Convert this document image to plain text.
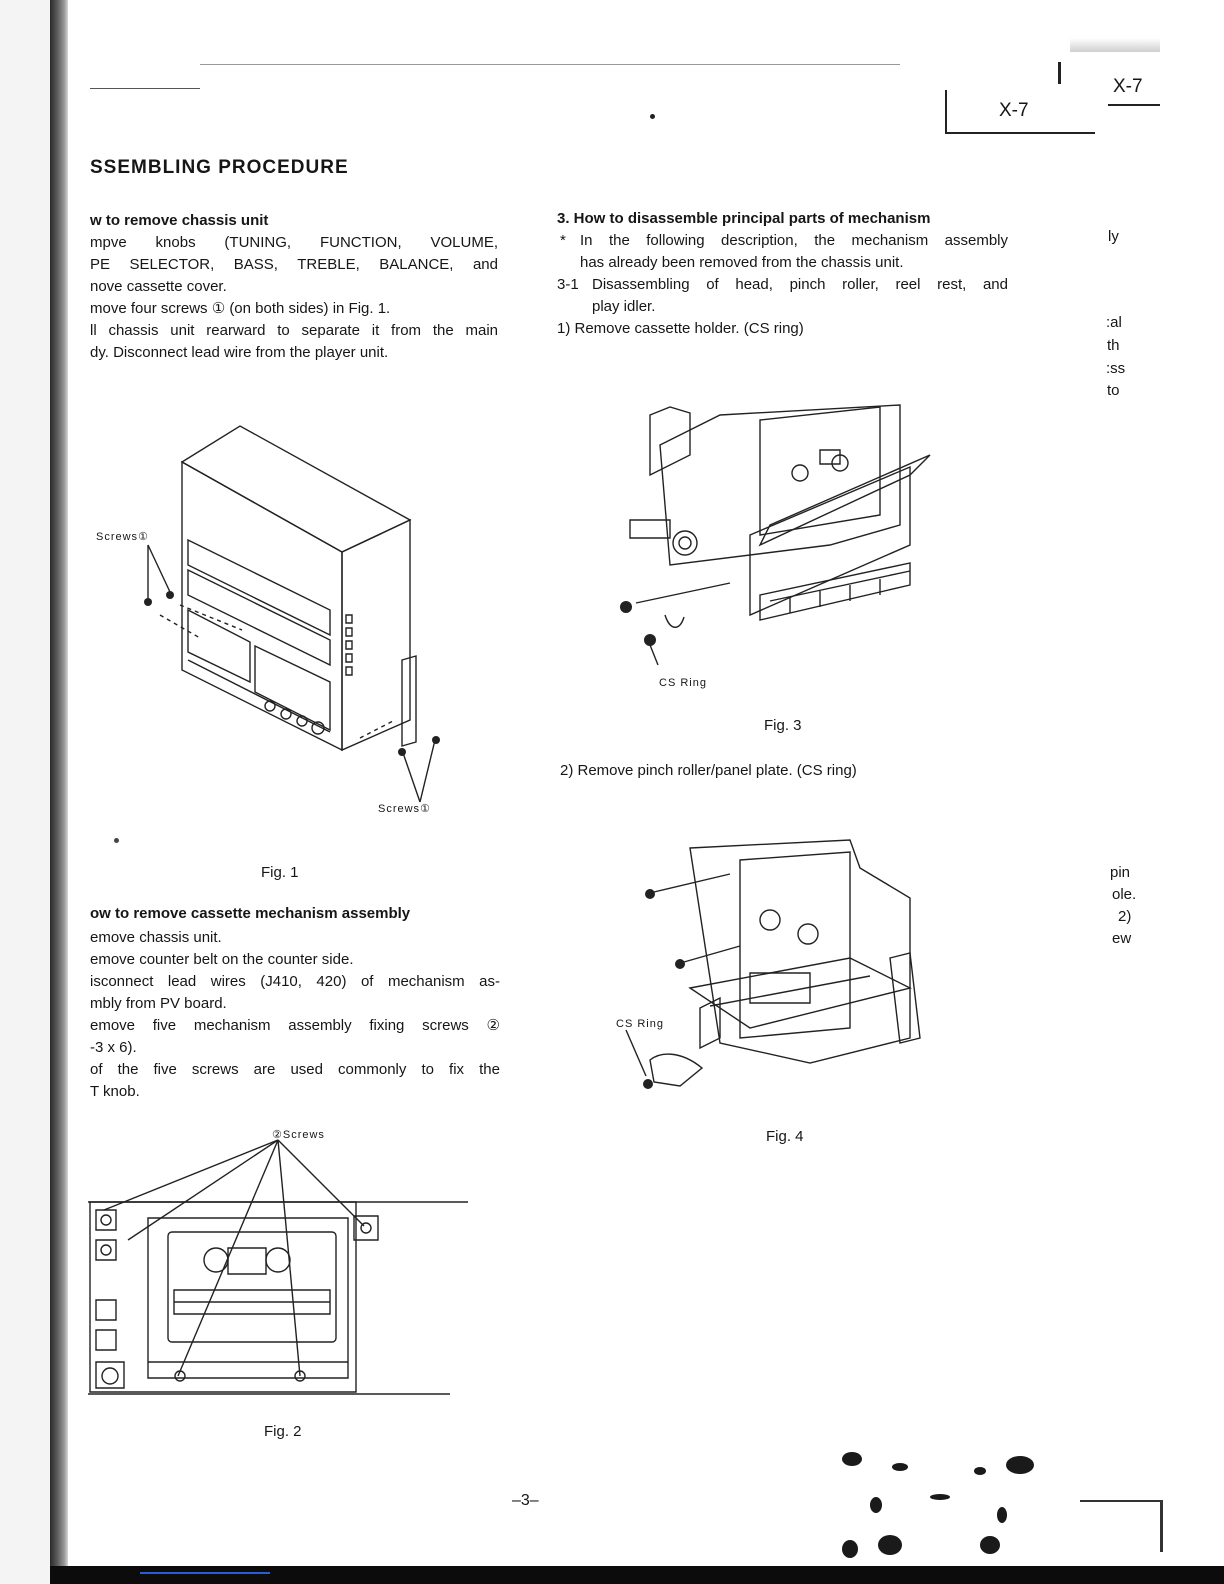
X-7
X-7
SSEMBLING PROCEDURE
w to remove chassis unit
mpve knobs (TUNING, FUNCTION, VOLUME,
PE SELECTOR, BASS, TREBLE, BALANCE, and
nove cassette cover.
move four screws ① (on both sides) in Fig. 1.
ll chassis unit rearward to separate it from the main
dy. Disconnect lead wire from the player unit.
Screws①
Screws①
Fig. 1
ow to remove cassette mechanism assembly
emove chassis unit.
emove counter belt on the counter side.
isconnect lead wires (J410, 420) of mechanism as-
mbly from PV board.
emove five mechanism assembly fixing screws ②
-3 x 6).
of the five screws are used commonly to fix the
T knob.
②Screws
Fig. 2
3. How to disassemble principal parts of mechanism
* In the following description, the mechanism assembly
has already been removed from the chassis unit.
3-1 Disassembling of head, pinch roller, reel rest, and
play idler.
1) Remove cassette holder. (CS ring)
CS Ring
Fig. 3
2) Remove pinch roller/panel plate. (CS ring)
CS Ring
Fig. 4
ly
:al
th
:ss
to
pin
ole.
2)
ew
–3–
